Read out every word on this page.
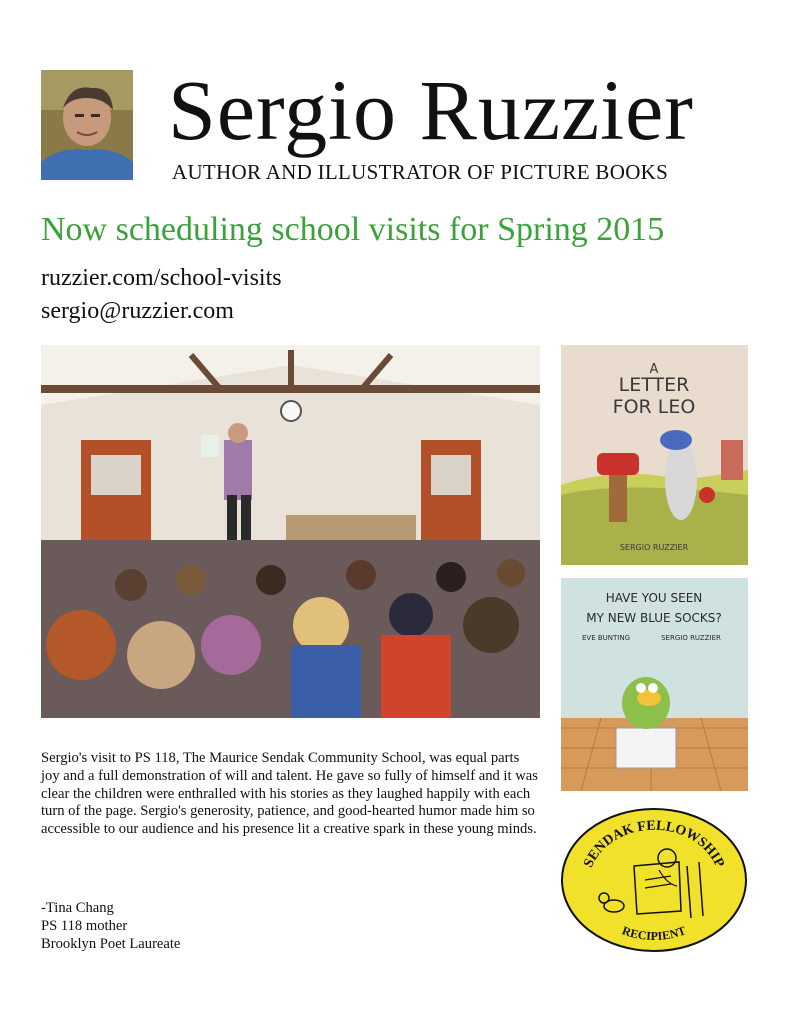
Sergio Ruzzier
AUTHOR AND ILLUSTRATOR OF PICTURE BOOKS
Now scheduling school visits for Spring 2015
ruzzier.com/school-visits
sergio@ruzzier.com
A
LETTER
FOR LEO
SERGIO RUZZIER
HAVE YOU SEEN
MY NEW BLUE SOCKS?
EVE BUNTING	SERGIO RUZZIER
SENDAK FELLOWSHIP
RECIPIENT

Sergio's visit to PS 118, The Maurice Sendak Community School, was equal parts joy and a full demonstration of will and talent. He gave so fully of himself and it was clear the children were enthralled with his stories as they laughed happily with each turn of the page. Sergio's generosity, patience, and good-hearted humor made him so accessible to our audience and his presence lit a creative spark in these young minds.

-Tina Chang
PS 118 mother
Brooklyn Poet Laureate
